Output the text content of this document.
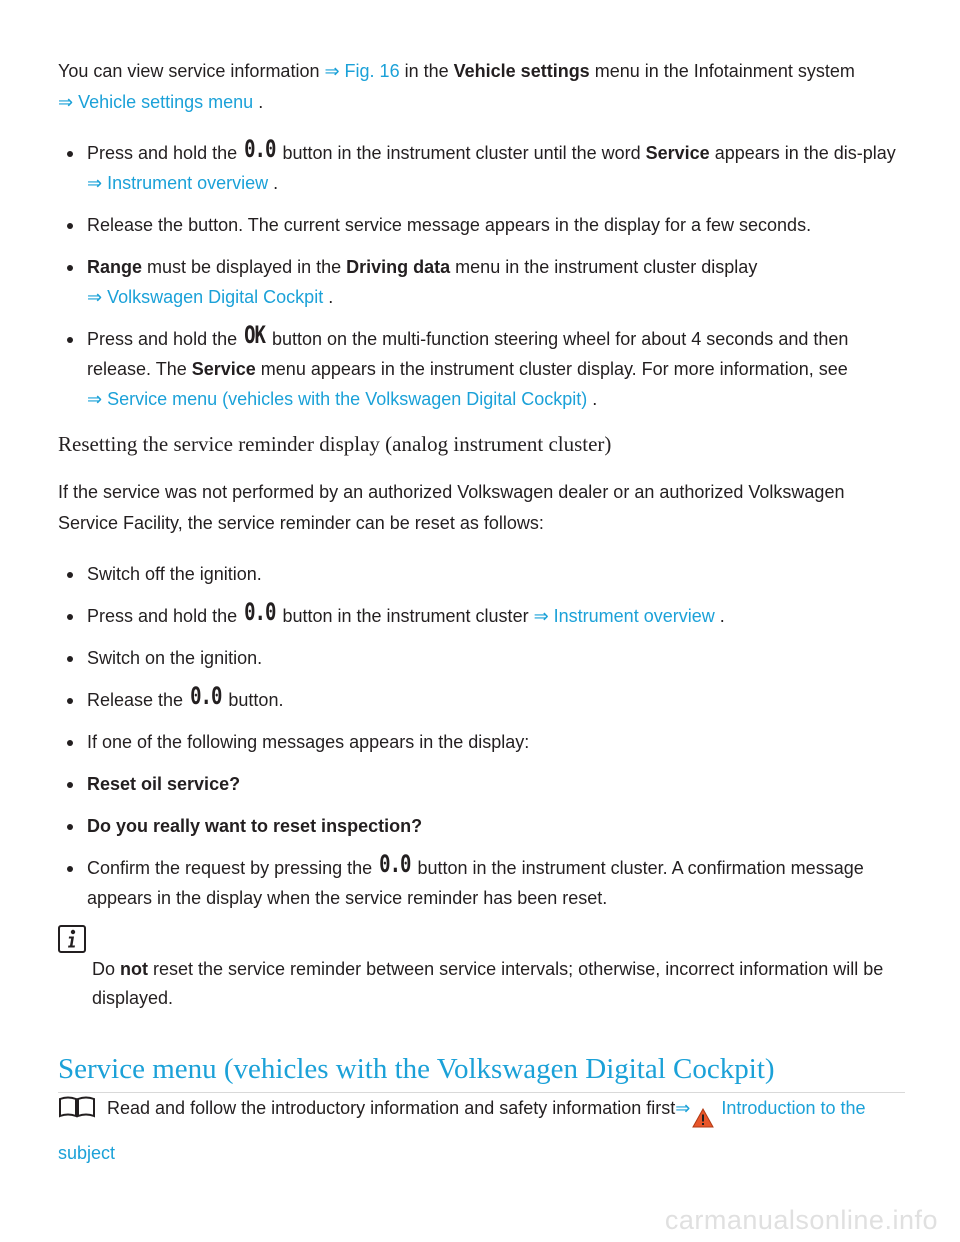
You can view service information ⇒ Fig. 16 in the Vehicle settings menu in the Infotainment system
⇒ Vehicle settings menu .

Press and hold the 0.0 button in the instrument cluster until the word Service appears in the dis-play ⇒ Instrument overview .
Release the button. The current service message appears in the display for a few seconds.
Range must be displayed in the Driving data menu in the instrument cluster display
⇒ Volkswagen Digital Cockpit .
Press and hold the OK button on the multi-function steering wheel for about 4 seconds and then release. The Service menu appears in the instrument cluster display. For more information, see
⇒ Service menu (vehicles with the Volkswagen Digital Cockpit) .
Resetting the service reminder display (analog instrument cluster)

If the service was not performed by an authorized Volkswagen dealer or an authorized Volkswagen Service Facility, the service reminder can be reset as follows:

Switch off the ignition.
Press and hold the 0.0 button in the instrument cluster ⇒ Instrument overview .
Switch on the ignition.
Release the 0.0 button.
If one of the following messages appears in the display:
Reset oil service?
Do you really want to reset inspection?
Confirm the request by pressing the 0.0 button in the instrument cluster. A confirmation message appears in the display when the service reminder has been reset.
Do not reset the service reminder between service intervals; otherwise, incorrect information will be displayed.
Service menu (vehicles with the Volkswagen Digital Cockpit)

Read and follow the introductory information and safety information first⇒ Introduction to the subject

carmanualsonline.info
